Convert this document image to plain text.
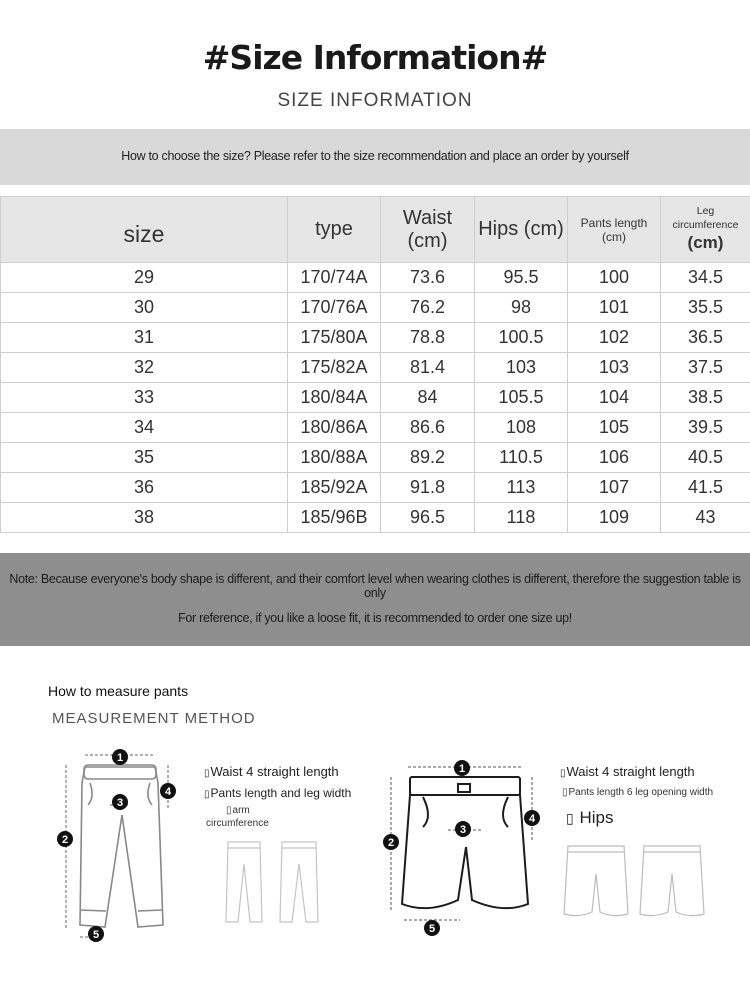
#Size Information#
SIZE INFORMATION
How to choose the size? Please refer to the size recommendation and place an order by yourself
size	type	Waist (cm)	Hips (cm)	Pants length (cm)	Leg
circumference
(cm)

29	170/74A	73.6	95.5	100	34.5
30	170/76A	76.2	98	101	35.5
31	175/80A	78.8	100.5	102	36.5
32	175/82A	81.4	103	103	37.5
33	180/84A	84	105.5	104	38.5
34	180/86A	86.6	108	105	39.5
35	180/88A	89.2	110.5	106	40.5
36	185/92A	91.8	113	107	41.5
38	185/96B	96.5	118	109	43
Note: Because everyone's body shape is different, and their comfort level when wearing clothes is different, therefore the suggestion table is only
For reference, if you like a loose fit, it is recommended to order one size up!
How to measure pants
MEASUREMENT METHOD
1
2
3
4
5
▯Waist 4 straight length
▯Pants length and leg width
▯arm
circumference
1
2
3
4
5
▯Waist 4 straight length
▯Pants length 6 leg opening width
▯ Hips
